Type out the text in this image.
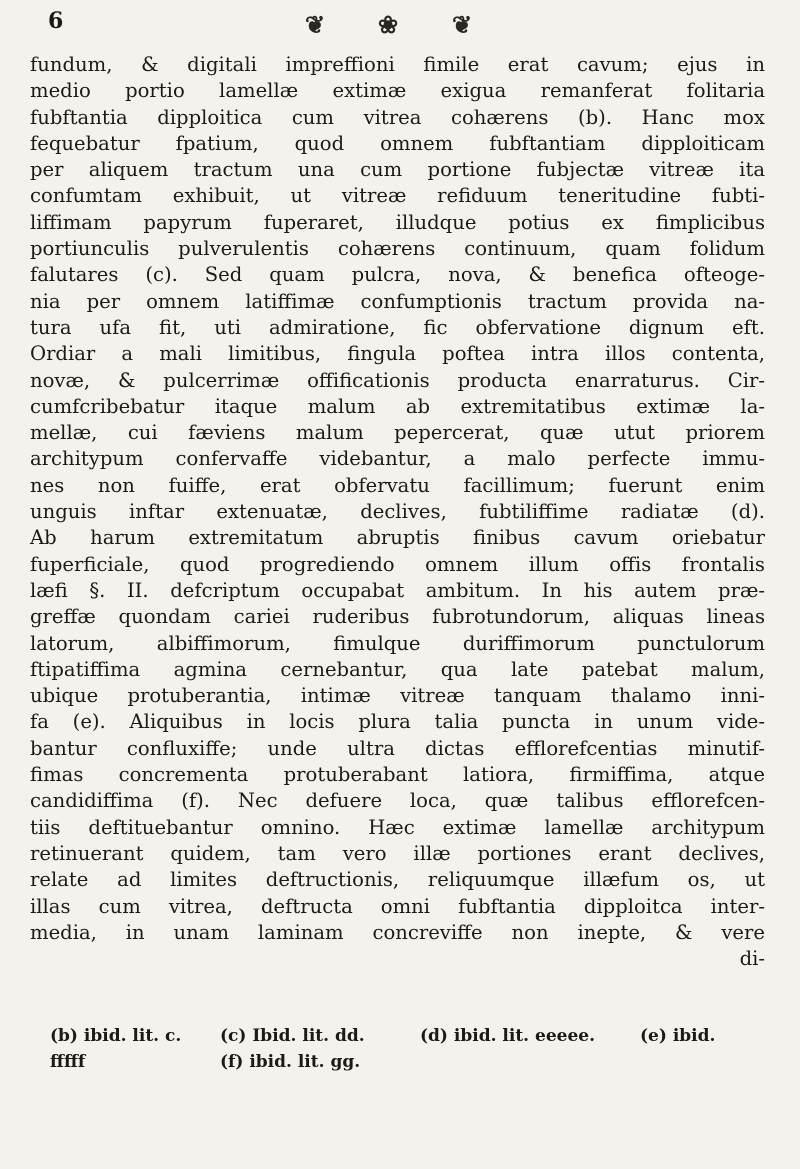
6	❦ ❀ ❦
fundum, & digitali impreffioni fimile erat cavum; ejus in
medio portio lamellæ extimæ exigua remanferat folitaria
fubftantia dipploitica cum vitrea cohærens (b). Hanc mox
fequebatur fpatium, quod omnem fubftantiam dipploiticam
per aliquem tractum una cum portione fubjectæ vitreæ ita
confumtam exhibuit, ut vitreæ refiduum teneritudine fubti-
liffimam papyrum fuperaret, illudque potius ex fimplicibus
portiunculis pulverulentis cohærens continuum, quam folidum
falutares (c). Sed quam pulcra, nova, & benefica ofteoge-
nia per omnem latiffimæ confumptionis tractum provida na-
tura ufa fit, uti admiratione, fic obfervatione dignum eft.
Ordiar a mali limitibus, fingula poftea intra illos contenta,
novæ, & pulcerrimæ offificationis producta enarraturus. Cir-
cumfcribebatur itaque malum ab extremitatibus extimæ la-
mellæ, cui fæviens malum pepercerat, quæ utut priorem
architypum confervaffe videbantur, a malo perfecte immu-
nes non fuiffe, erat obfervatu facillimum; fuerunt enim
unguis inftar extenuatæ, declives, fubtiliffime radiatæ (d).
Ab harum extremitatum abruptis finibus cavum oriebatur
fuperficiale, quod progrediendo omnem illum offis frontalis
læfi §. II. defcriptum occupabat ambitum. In his autem præ-
greffæ quondam cariei ruderibus fubrotundorum, aliquas lineas
latorum, albiffimorum, fimulque duriffimorum punctulorum
ftipatiffima agmina cernebantur, qua late patebat malum,
ubique protuberantia, intimæ vitreæ tanquam thalamo inni-
fa (e). Aliquibus in locis plura talia puncta in unum vide-
bantur confluxiffe; unde ultra dictas efflorefcentias minutif-
fimas concrementa protuberabant latiora, firmiffima, atque
candidiffima (f). Nec defuere loca, quæ talibus efflorefcen-
tiis deftituebantur omnino. Hæc extimæ lamellæ architypum
retinuerant quidem, tam vero illæ portiones erant declives,
relate ad limites deftructionis, reliquumque illæfum os, ut
illas cum vitrea, deftructa omni fubftantia dipploitca inter-
media, in unam laminam concreviffe non inepte, & vere
di-
(b) ibid. lit. c. (c) Ibid. lit. dd.	(d) ibid. lit. eeeee.	(e) ibid.
fffff	(f) ibid. lit. gg.
